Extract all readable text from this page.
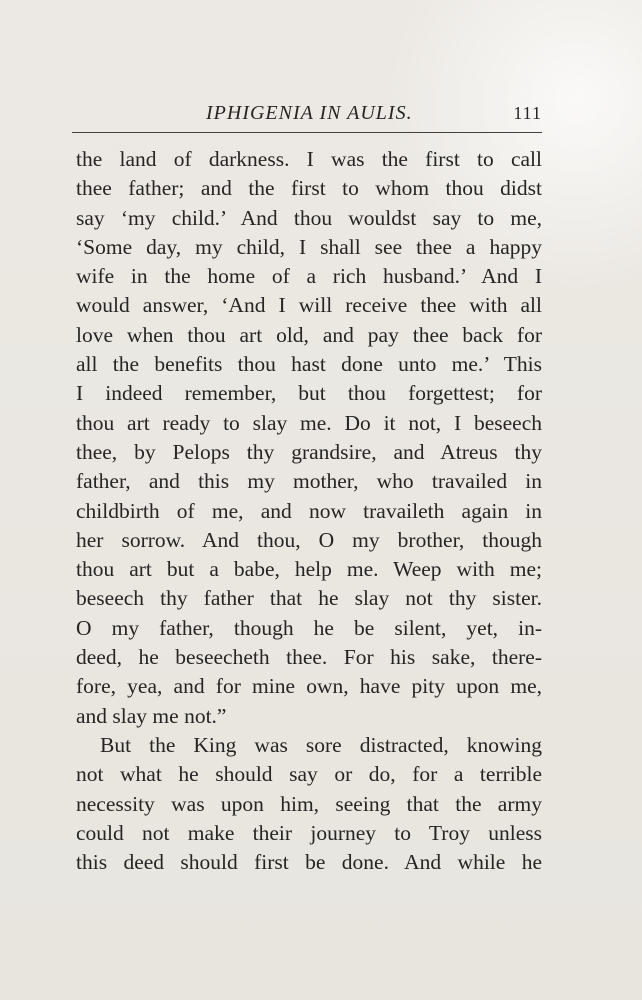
IPHIGENIA IN AULIS.	111
the land of darkness. I was the first to call
thee father; and the first to whom thou didst
say ‘my child.’ And thou wouldst say to me,
‘Some day, my child, I shall see thee a happy
wife in the home of a rich husband.’ And I
would answer, ‘And I will receive thee with all
love when thou art old, and pay thee back for
all the benefits thou hast done unto me.’ This
I indeed remember, but thou forgettest; for
thou art ready to slay me. Do it not, I beseech
thee, by Pelops thy grandsire, and Atreus thy
father, and this my mother, who travailed in
childbirth of me, and now travaileth again in
her sorrow. And thou, O my brother, though
thou art but a babe, help me. Weep with me;
beseech thy father that he slay not thy sister.
O my father, though he be silent, yet, in-
deed, he beseecheth thee. For his sake, there-
fore, yea, and for mine own, have pity upon me,
and slay me not.”
But the King was sore distracted, knowing
not what he should say or do, for a terrible
necessity was upon him, seeing that the army
could not make their journey to Troy unless
this deed should first be done. And while he
